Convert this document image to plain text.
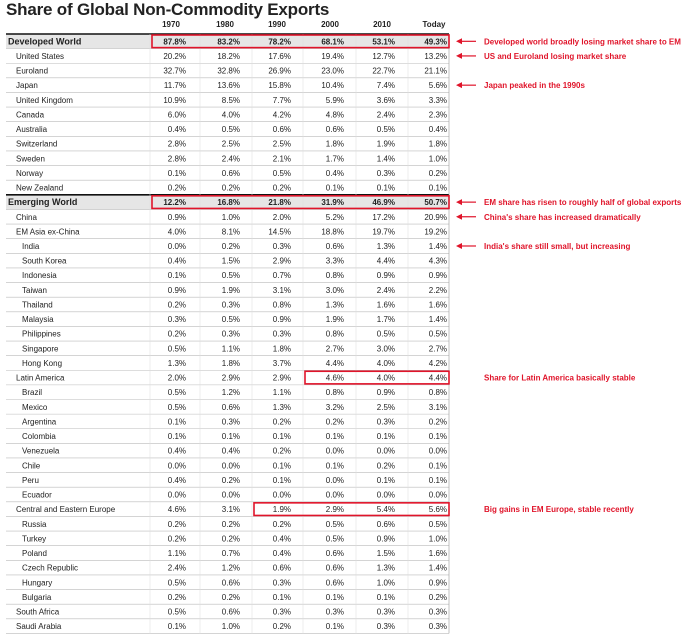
Share of Global Non-Commodity Exports
1970	1980	1990	2000	2010	Today
Developed World	87.8%	83.2%	78.2%	68.1%	53.1%	49.3%
United States	20.2%	18.2%	17.6%	19.4%	12.7%	13.2%
Euroland	32.7%	32.8%	26.9%	23.0%	22.7%	21.1%
Japan	11.7%	13.6%	15.8%	10.4%	7.4%	5.6%
United Kingdom	10.9%	8.5%	7.7%	5.9%	3.6%	3.3%
Canada	6.0%	4.0%	4.2%	4.8%	2.4%	2.3%
Australia	0.4%	0.5%	0.6%	0.6%	0.5%	0.4%
Switzerland	2.8%	2.5%	2.5%	1.8%	1.9%	1.8%
Sweden	2.8%	2.4%	2.1%	1.7%	1.4%	1.0%
Norway	0.1%	0.6%	0.5%	0.4%	0.3%	0.2%
New Zealand	0.2%	0.2%	0.2%	0.1%	0.1%	0.1%
Emerging World	12.2%	16.8%	21.8%	31.9%	46.9%	50.7%
China	0.9%	1.0%	2.0%	5.2%	17.2%	20.9%
EM Asia ex-China	4.0%	8.1%	14.5%	18.8%	19.7%	19.2%
India	0.0%	0.2%	0.3%	0.6%	1.3%	1.4%
South Korea	0.4%	1.5%	2.9%	3.3%	4.4%	4.3%
Indonesia	0.1%	0.5%	0.7%	0.8%	0.9%	0.9%
Taiwan	0.9%	1.9%	3.1%	3.0%	2.4%	2.2%
Thailand	0.2%	0.3%	0.8%	1.3%	1.6%	1.6%
Malaysia	0.3%	0.5%	0.9%	1.9%	1.7%	1.4%
Philippines	0.2%	0.3%	0.3%	0.8%	0.5%	0.5%
Singapore	0.5%	1.1%	1.8%	2.7%	3.0%	2.7%
Hong Kong	1.3%	1.8%	3.7%	4.4%	4.0%	4.2%
Latin America	2.0%	2.9%	2.9%	4.6%	4.0%	4.4%
Brazil	0.5%	1.2%	1.1%	0.8%	0.9%	0.8%
Mexico	0.5%	0.6%	1.3%	3.2%	2.5%	3.1%
Argentina	0.1%	0.3%	0.2%	0.2%	0.3%	0.2%
Colombia	0.1%	0.1%	0.1%	0.1%	0.1%	0.1%
Venezuela	0.4%	0.4%	0.2%	0.0%	0.0%	0.0%
Chile	0.0%	0.0%	0.1%	0.1%	0.2%	0.1%
Peru	0.4%	0.2%	0.1%	0.0%	0.1%	0.1%
Ecuador	0.0%	0.0%	0.0%	0.0%	0.0%	0.0%
Central and Eastern Europe	4.6%	3.1%	1.9%	2.9%	5.4%	5.6%
Russia	0.2%	0.2%	0.2%	0.5%	0.6%	0.5%
Turkey	0.2%	0.2%	0.4%	0.5%	0.9%	1.0%
Poland	1.1%	0.7%	0.4%	0.6%	1.5%	1.6%
Czech Republic	2.4%	1.2%	0.6%	0.6%	1.3%	1.4%
Hungary	0.5%	0.6%	0.3%	0.6%	1.0%	0.9%
Bulgaria	0.2%	0.2%	0.1%	0.1%	0.1%	0.2%
South Africa	0.5%	0.6%	0.3%	0.3%	0.3%	0.3%
Saudi Arabia	0.1%	1.0%	0.2%	0.1%	0.3%	0.3%
Developed world broadly losing market share to EM
US and Euroland losing market share
Japan peaked in the 1990s
EM share has risen to roughly half of global exports
China's share has increased dramatically
India's share still small, but increasing
Share for Latin America basically stable
Big gains in EM Europe, stable recently
